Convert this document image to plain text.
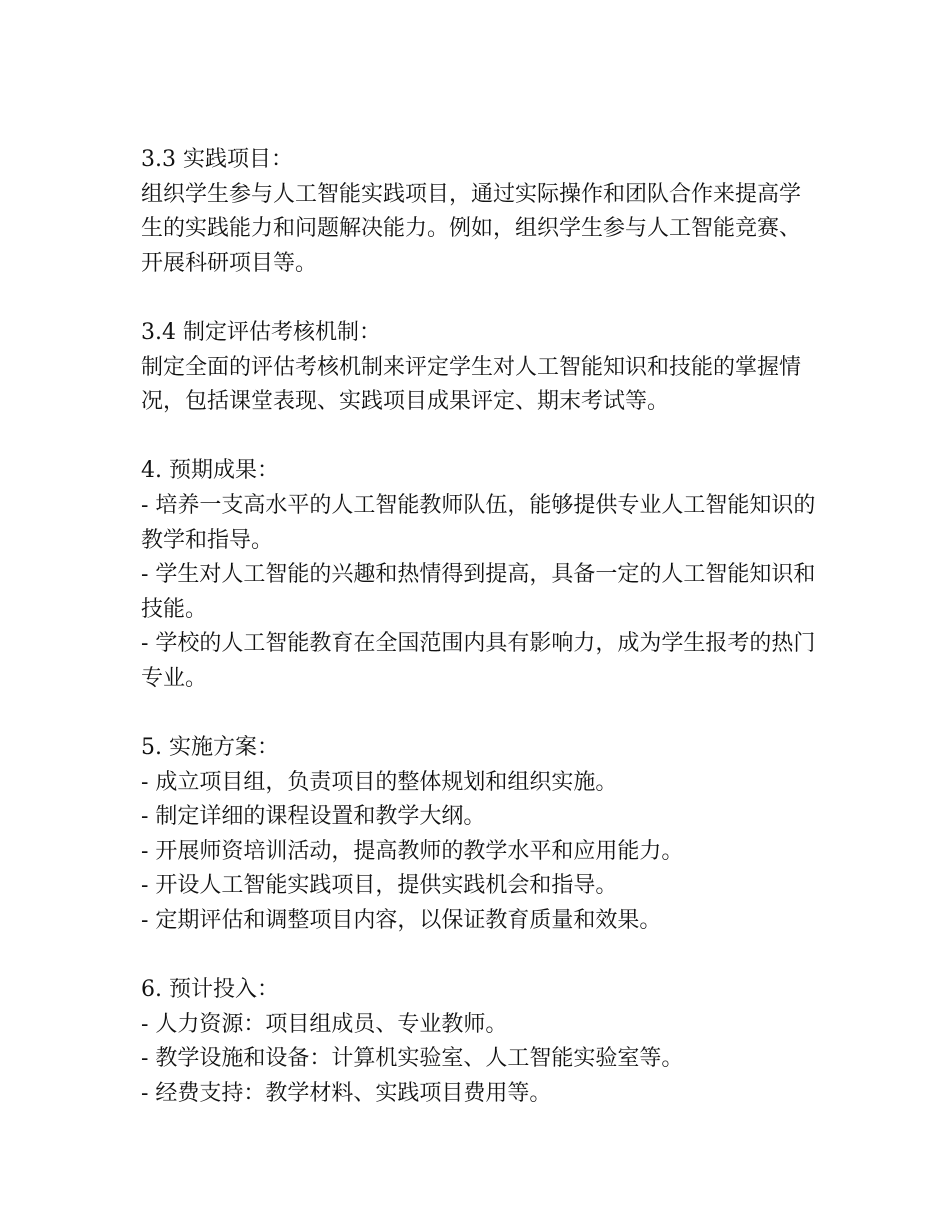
3.3 实践项目：
组织学生参与人工智能实践项目，通过实际操作和团队合作来提高学生的实践能力和问题解决能力。例如，组织学生参与人工智能竞赛、开展科研项目等。
3.4 制定评估考核机制：
制定全面的评估考核机制来评定学生对人工智能知识和技能的掌握情况，包括课堂表现、实践项目成果评定、期末考试等。
4. 预期成果：
- 培养一支高水平的人工智能教师队伍，能够提供专业人工智能知识的教学和指导。
- 学生对人工智能的兴趣和热情得到提高，具备一定的人工智能知识和技能。
- 学校的人工智能教育在全国范围内具有影响力，成为学生报考的热门专业。
5. 实施方案：
- 成立项目组，负责项目的整体规划和组织实施。
- 制定详细的课程设置和教学大纲。
- 开展师资培训活动，提高教师的教学水平和应用能力。
- 开设人工智能实践项目，提供实践机会和指导。
- 定期评估和调整项目内容，以保证教育质量和效果。
6. 预计投入：
- 人力资源：项目组成员、专业教师。
- 教学设施和设备：计算机实验室、人工智能实验室等。
- 经费支持：教学材料、实践项目费用等。
